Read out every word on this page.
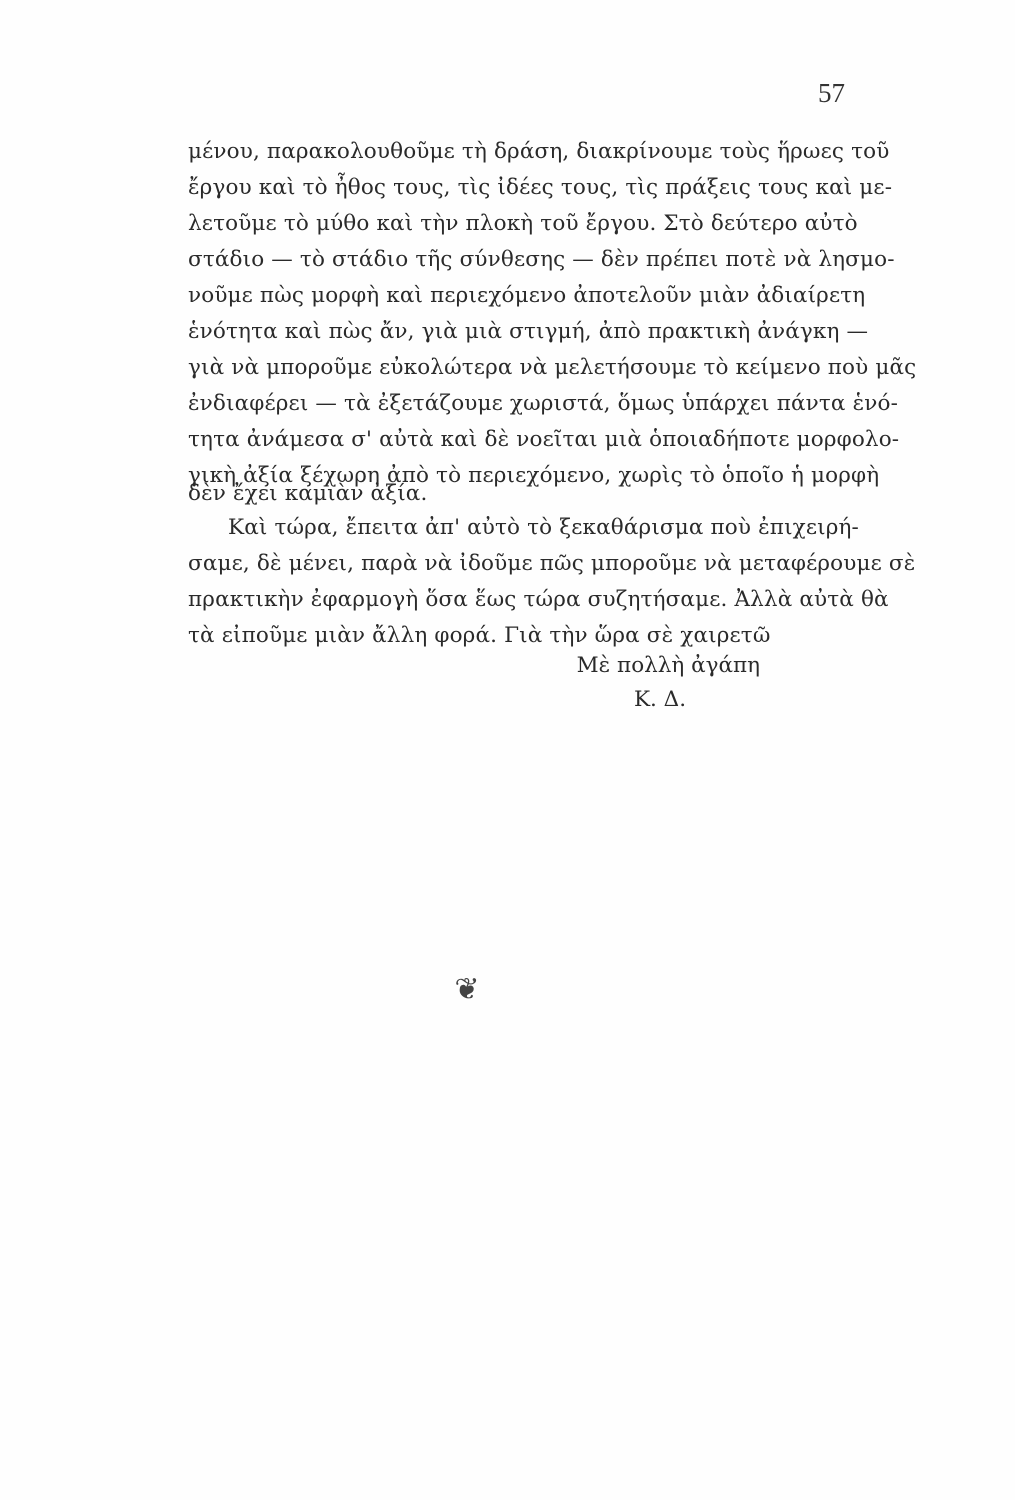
57
μένου, παρακολουθοῦμε τὴ δράση, διακρίνουμε τοὺς ἥρωες τοῦ
ἔργου καὶ τὸ ἦθος τους, τὶς ἰδέες τους, τὶς πράξεις τους καὶ με-
λετοῦμε τὸ μύθο καὶ τὴν πλοκὴ τοῦ ἔργου. Στὸ δεύτερο αὐτὸ
στάδιο — τὸ στάδιο τῆς σύνθεσης — δὲν πρέπει ποτὲ νὰ λησμο-
νοῦμε πὼς μορφὴ καὶ περιεχόμενο ἀποτελοῦν μιὰν ἀδιαίρετη
ἑνότητα καὶ πὼς ἄν, γιὰ μιὰ στιγμή, ἀπὸ πρακτικὴ ἀνάγκη —
γιὰ νὰ μποροῦμε εὐκολώτερα νὰ μελετήσουμε τὸ κείμενο ποὺ μᾶς
ἐνδιαφέρει — τὰ ἐξετάζουμε χωριστά, ὅμως ὑπάρχει πάντα ἑνό-
τητα ἀνάμεσα σ' αὐτὰ καὶ δὲ νοεῖται μιὰ ὁποιαδήποτε μορφολο-
γικὴ ἀξία ξέχωρη ἀπὸ τὸ περιεχόμενο, χωρὶς τὸ ὁποῖο ἡ μορφὴ
δὲν ἔχει καμιὰν ἀξία.
Καὶ τώρα, ἔπειτα ἀπ' αὐτὸ τὸ ξεκαθάρισμα ποὺ ἐπιχειρή-
σαμε, δὲ μένει, παρὰ νὰ ἰδοῦμε πῶς μποροῦμε νὰ μεταφέρουμε σὲ
πρακτικὴν ἐφαρμογὴ ὅσα ἕως τώρα συζητήσαμε. Ἀλλὰ αὐτὰ θὰ
τὰ εἰποῦμε μιὰν ἄλλη φορά. Γιὰ τὴν ὥρα σὲ χαιρετῶ
Μὲ πολλὴ ἀγάπη
Κ. Δ.
❦
